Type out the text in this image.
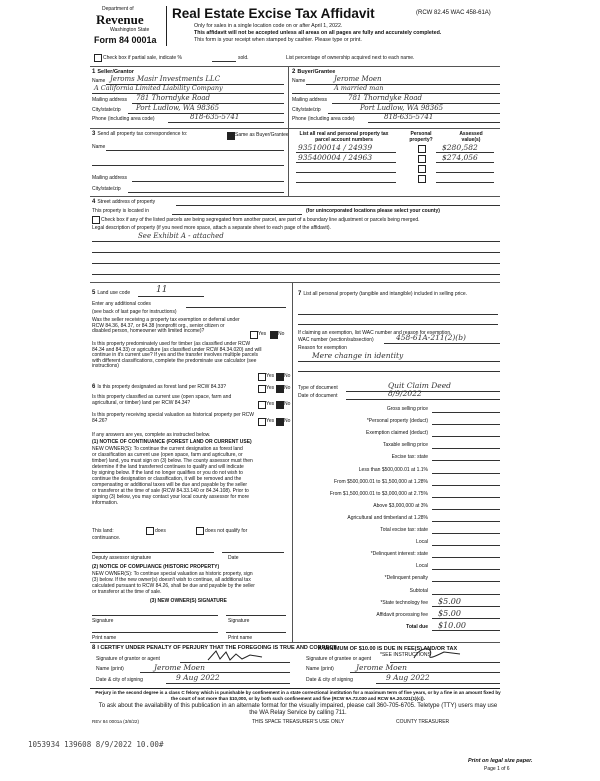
Department of
Revenue
Washington State
Form 84 0001a
Real Estate Excise Tax Affidavit	(RCW 82.45 WAC 458-61A)
Only for sales in a single location code on or after April 1, 2022.
This affidavit will not be accepted unless all areas on all pages are fully and accurately completed.
This form is your receipt when stamped by cashier. Please type or print.
Check box if partial sale, indicate %	sold.	List percentage of ownership acquired next to each name.
1 Seller/Grantor
Name Jeroms Masir Investments LLC
A California Limited Liability Company
Mailing address 781 Thorndyke Road
City/state/zip Port Ludlow, WA 98365
Phone (including area code)	818-635-5741
2 Buyer/Grantee
Name	Jerome Moen
A married man
Mailing address	781 Thorndyke Road
City/state/zip	Port Ludlow, WA 98365
Phone (including area code)	818-635-5741
3 Send all property tax correspondence to:	Same as Buyer/Grantee
Name
Mailing address
City/state/zip
List all real and personal property tax parcel account numbers
Personal property?
Assessed value(s)
935100014 / 24939	$280,582
935400004 / 24963	$274,056
4 Street address of property
This property is located in	(for unincorporated locations please select your county)
Check box if any of the listed parcels are being segregated from another parcel, are part of a boundary line adjustment or parcels being merged.
Legal description of property (if you need more space, attach a separate sheet to each page of the affidavit).
See Exhibit A - attached
5 Land use code	11
Enter any additional codes
(see back of last page for instructions)
Was the seller receiving a property tax exemption or deferral under RCW 84.36, 84.37, or 84.38 (nonprofit org., senior citizen or disabled person, homeowner with limited income)?	Yes No
Is this property predominately used for timber (as classified under RCW 84.34 and 84.33) or agriculture (as classified under RCW 84.34.020) and will continue in it's current use? If yes and the transfer involves multiple parcels with different classifications, complete the predominate use calculator (see instructions)
Yes No
6 Is this property designated as forest land per RCW 84.33?	Yes No
Is this property classified as current use (open space, farm and agricultural, or timber) land per RCW 84.34?	Yes No
Is this property receiving special valuation as historical property per RCW 84.26?	Yes No
If any answers are yes, complete as instructed below.
(1) NOTICE OF CONTINUANCE (FOREST LAND OR CURRENT USE)
NEW OWNER(S): To continue the current designation as forest land
or classification as current use (open space, farm and agriculture, or
timber) land, you must sign on (3) below. The county assessor must then
determine if the land transferred continues to qualify and will indicate
by signing below. If the land no longer qualifies or you do not wish to
continue the designation or classification, it will be removed and the
compensating or additional taxes will be due and payable by the seller
or transferor at the time of sale (RCW 84.33.140 or 84.34.108). Prior to
signing (3) below, you may contact your local county assessor for more
information.
This land:	does	does not qualify for
continuance.
Deputy assessor signature	Date
(2) NOTICE OF COMPLIANCE (HISTORIC PROPERTY)
NEW OWNER(S): To continue special valuation as historic property, sign
(3) below. If the new owner(s) doesn't wish to continue, all additional tax
calculated pursuant to RCW 84.26, shall be due and payable by the seller
or transferor at the time of sale.
(3) NEW OWNER(S) SIGNATURE
Signature	Signature
Print name	Print name
7 List all personal property (tangible and intangible) included in selling price.
If claiming an exemption, list WAC number and reason for exemption.
WAC number (section/subsection)	458-61A-211(2)(b)
Reason for exemption
Mere change in identity
Type of document	Quit Claim Deed
Date of document	8/9/2022
Gross selling price
*Personal property (deduct)
Exemption claimed (deduct)
Taxable selling price
Excise tax: state
Less than $500,000.01 at 1.1%
From $500,000.01 to $1,500,000 at 1.28%
From $1,500,000.01 to $3,000,000 at 2.75%
Above $3,000,000 at 3%
Agricultural and timberland at 1.28%
Total excise tax: state
Local
*Delinquent interest: state
Local
*Delinquent penalty
Subtotal
*State technology fee $5.00
Affidavit processing fee $5.00
Total due $10.00
A MINIMUM OF $10.00 IS DUE IN FEE(S) AND/OR TAX
*SEE INSTRUCTIONS
8 I CERTIFY UNDER PENALTY OF PERJURY THAT THE FOREGOING IS TRUE AND CORRECT
Signature of grantor or agent	Signature of grantee or agent
Name (print)	Jerome Moen	Name (print)	Jerome Moen
Date & city of signing	9 Aug 2022	Date & city of signing	9 Aug 2022
Perjury in the second degree is a class C felony which is punishable by confinement in a state correctional institution for a maximum term of five years, or by a fine in an amount fixed by the court of not more than $10,000, or by both such confinement and fine (RCW 9A.72.030 and RCW 9A.20.021(1)(c)).
To ask about the availability of this publication in an alternate format for the visually impaired, please call 360-705-6705. Teletype (TTY) users may use the WA Relay Service by calling 711.
REV 84 0001a (3/8/22)	THIS SPACE TREASURER'S USE ONLY	COUNTY TREASURER
1053934 139608 8/9/2022 10.00#
Print on legal size paper.
Page 1 of 6
